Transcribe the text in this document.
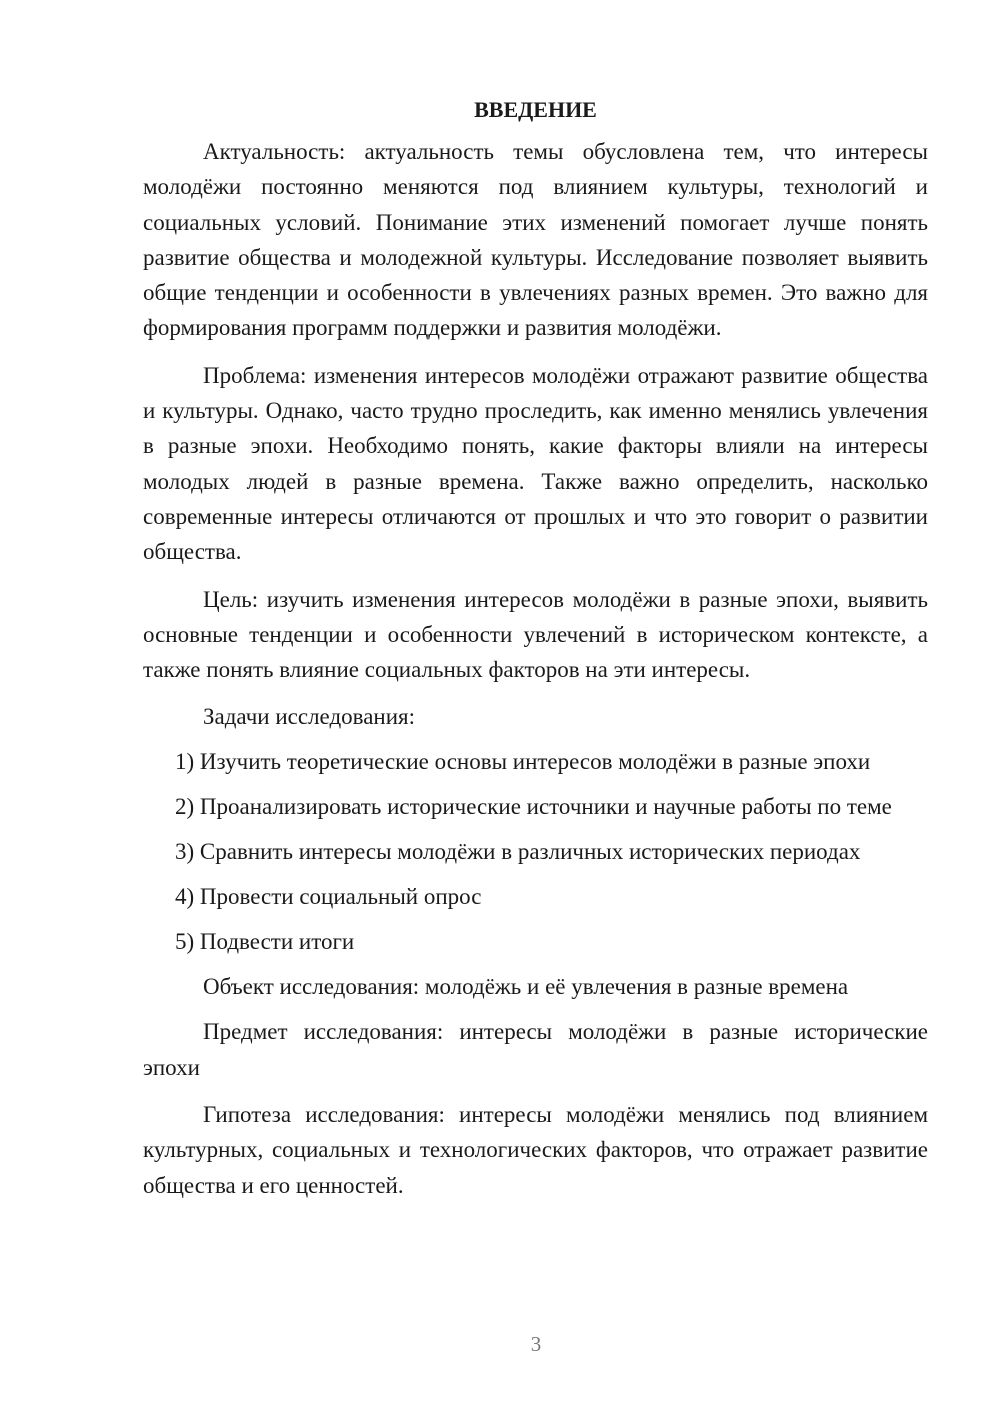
ВВЕДЕНИЕ

Актуальность: актуальность темы обусловлена тем, что интересы молодёжи постоянно меняются под влиянием культуры, технологий и социальных условий. Понимание этих изменений помогает лучше понять развитие общества и молодежной культуры. Исследование позволяет выявить общие тенденции и особенности в увлечениях разных времен. Это важно для формирования программ поддержки и развития молодёжи.

Проблема: изменения интересов молодёжи отражают развитие общества и культуры. Однако, часто трудно проследить, как именно менялись увлечения в разные эпохи. Необходимо понять, какие факторы влияли на интересы молодых людей в разные времена. Также важно определить, насколько современные интересы отличаются от прошлых и что это говорит о развитии общества.

Цель: изучить изменения интересов молодёжи в разные эпохи, выявить основные тенденции и особенности увлечений в историческом контексте, а также понять влияние социальных факторов на эти интересы.

Задачи исследования:

1) Изучить теоретические основы интересов молодёжи в разные эпохи

2) Проанализировать исторические источники и научные работы по теме

3) Сравнить интересы молодёжи в различных исторических периодах

4) Провести социальный опрос

5) Подвести итоги

Объект исследования: молодёжь и её увлечения в разные времена

Предмет исследования: интересы молодёжи в разные исторические эпохи

Гипотеза исследования: интересы молодёжи менялись под влиянием культурных, социальных и технологических факторов, что отражает развитие общества и его ценностей.

3
